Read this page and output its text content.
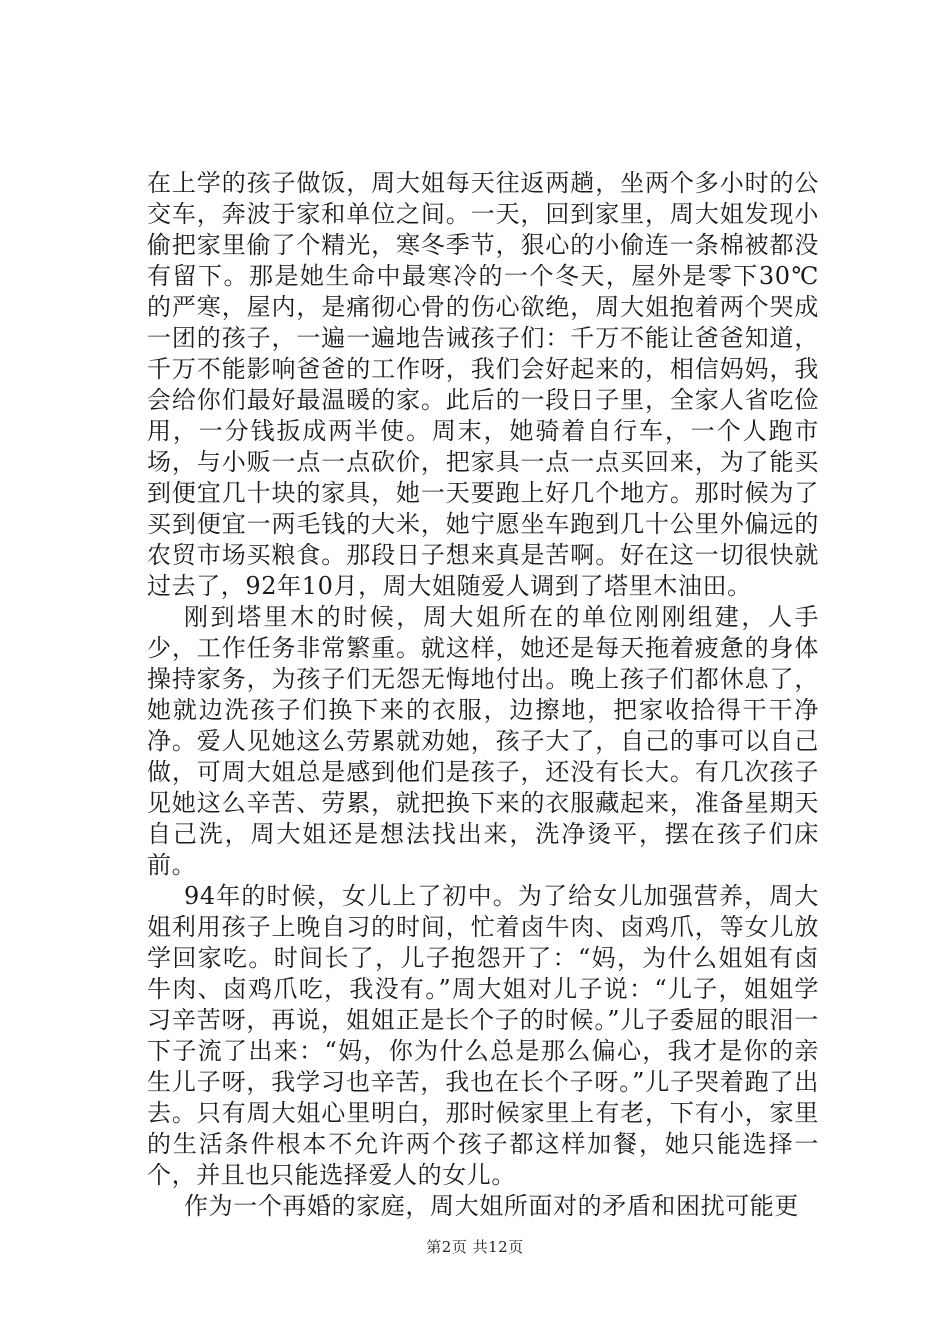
在上学的孩子做饭，周大姐每天往返两趟，坐两个多小时的公交车，奔波于家和单位之间。一天，回到家里，周大姐发现小偷把家里偷了个精光，寒冬季节，狠心的小偷连一条棉被都没有留下。那是她生命中最寒冷的一个冬天，屋外是零下30℃的严寒，屋内，是痛彻心骨的伤心欲绝，周大姐抱着两个哭成一团的孩子，一遍一遍地告诫孩子们：千万不能让爸爸知道，千万不能影响爸爸的工作呀，我们会好起来的，相信妈妈，我会给你们最好最温暖的家。此后的一段日子里，全家人省吃俭用，一分钱扳成两半使。周末，她骑着自行车，一个人跑市场，与小贩一点一点砍价，把家具一点一点买回来，为了能买到便宜几十块的家具，她一天要跑上好几个地方。那时候为了买到便宜一两毛钱的大米，她宁愿坐车跑到几十公里外偏远的农贸市场买粮食。那段日子想来真是苦啊。好在这一切很快就过去了，92年10月，周大姐随爱人调到了塔里木油田。

刚到塔里木的时候，周大姐所在的单位刚刚组建，人手少，工作任务非常繁重。就这样，她还是每天拖着疲惫的身体操持家务，为孩子们无怨无悔地付出。晚上孩子们都休息了，她就边洗孩子们换下来的衣服，边擦地，把家收拾得干干净净。爱人见她这么劳累就劝她，孩子大了，自己的事可以自己做，可周大姐总是感到他们是孩子，还没有长大。有几次孩子见她这么辛苦、劳累，就把换下来的衣服藏起来，准备星期天自己洗，周大姐还是想法找出来，洗净烫平，摆在孩子们床前。

94年的时候，女儿上了初中。为了给女儿加强营养，周大姐利用孩子上晚自习的时间，忙着卤牛肉、卤鸡爪，等女儿放学回家吃。时间长了，儿子抱怨开了：“妈，为什么姐姐有卤牛肉、卤鸡爪吃，我没有。”周大姐对儿子说：“儿子，姐姐学习辛苦呀，再说，姐姐正是长个子的时候。”儿子委屈的眼泪一下子流了出来：“妈，你为什么总是那么偏心，我才是你的亲生儿子呀，我学习也辛苦，我也在长个子呀。”儿子哭着跑了出去。只有周大姐心里明白，那时候家里上有老，下有小，家里的生活条件根本不允许两个孩子都这样加餐，她只能选择一个，并且也只能选择爱人的女儿。

作为一个再婚的家庭，周大姐所面对的矛盾和困扰可能更

第2页 共12页
